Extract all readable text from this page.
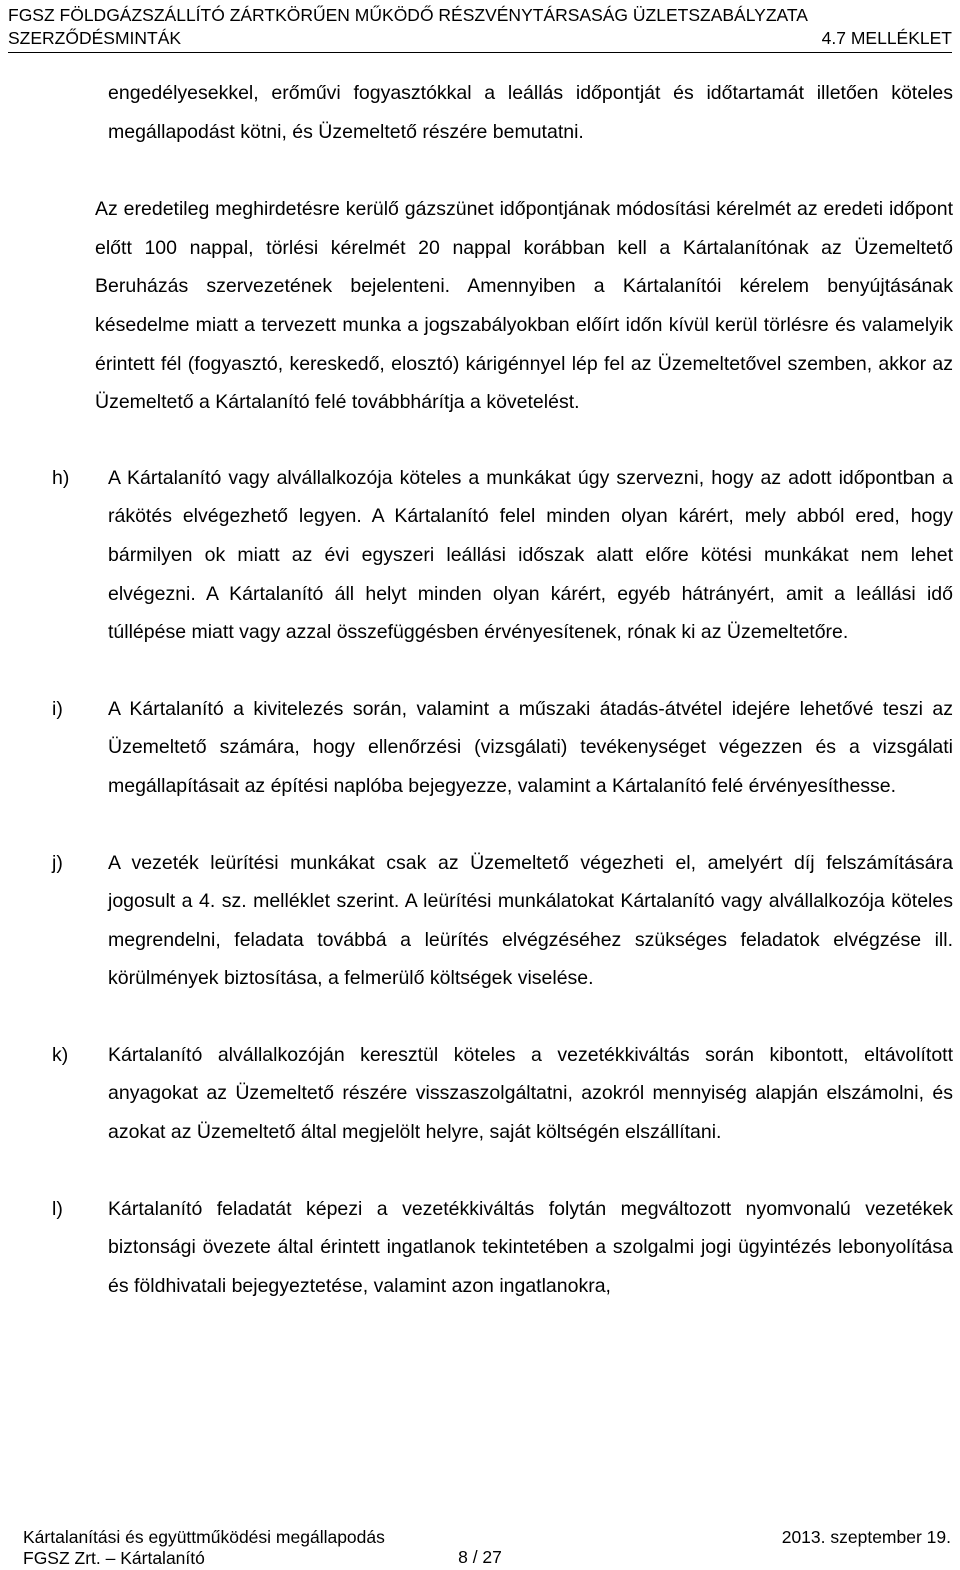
FGSZ FÖLDGÁZSZÁLLÍTÓ ZÁRTKÖRŰEN MŰKÖDŐ RÉSZVÉNYTÁRSASÁG ÜZLETSZABÁLYZATA
SZERZŐDÉSMINTÁK	4.7 MELLÉKLET

engedélyesekkel, erőművi fogyasztókkal a leállás időpontját és időtartamát illetően köteles megállapodást kötni, és Üzemeltető részére bemutatni.

Az eredetileg meghirdetésre kerülő gázszünet időpontjának módosítási kérelmét az eredeti időpont előtt 100 nappal, törlési kérelmét 20 nappal korábban kell a Kártalanítónak az Üzemeltető Beruházás szervezetének bejelenteni. Amennyiben a Kártalanítói kérelem benyújtásának késedelme miatt a tervezett munka a jogszabályokban előírt időn kívül kerül törlésre és valamelyik érintett fél (fogyasztó, kereskedő, elosztó) kárigénnyel lép fel az Üzemeltetővel szemben, akkor az Üzemeltető a Kártalanító felé továbbhárítja a követelést.

h) A Kártalanító vagy alvállalkozója köteles a munkákat úgy szervezni, hogy az adott időpontban a rákötés elvégezhető legyen. A Kártalanító felel minden olyan kárért, mely abból ered, hogy bármilyen ok miatt az évi egyszeri leállási időszak alatt előre kötési munkákat nem lehet elvégezni. A Kártalanító áll helyt minden olyan kárért, egyéb hátrányért, amit a leállási idő túllépése miatt vagy azzal összefüggésben érvényesítenek, rónak ki az Üzemeltetőre.
i) A Kártalanító a kivitelezés során, valamint a műszaki átadás-átvétel idejére lehetővé teszi az Üzemeltető számára, hogy ellenőrzési (vizsgálati) tevékenységet végezzen és a vizsgálati megállapításait az építési naplóba bejegyezze, valamint a Kártalanító felé érvényesíthesse.
j) A vezeték leürítési munkákat csak az Üzemeltető végezheti el, amelyért díj felszámítására jogosult a 4. sz. melléklet szerint. A leürítési munkálatokat Kártalanító vagy alvállalkozója köteles megrendelni, feladata továbbá a leürítés elvégzéséhez szükséges feladatok elvégzése ill. körülmények biztosítása, a felmerülő költségek viselése.
k) Kártalanító alvállalkozóján keresztül köteles a vezetékkiváltás során kibontott, eltávolított anyagokat az Üzemeltető részére visszaszolgáltatni, azokról mennyiség alapján elszámolni, és azokat az Üzemeltető által megjelölt helyre, saját költségén elszállítani.
l) Kártalanító feladatát képezi a vezetékkiváltás folytán megváltozott nyomvonalú vezetékek biztonsági övezete által érintett ingatlanok tekintetében a szolgalmi jogi ügyintézés lebonyolítása és földhivatali bejegyeztetése, valamint azon ingatlanokra,
Kártalanítási és együttműködési megállapodás	2013. szeptember 19.
FGSZ Zrt. – Kártalanító	8 / 27
